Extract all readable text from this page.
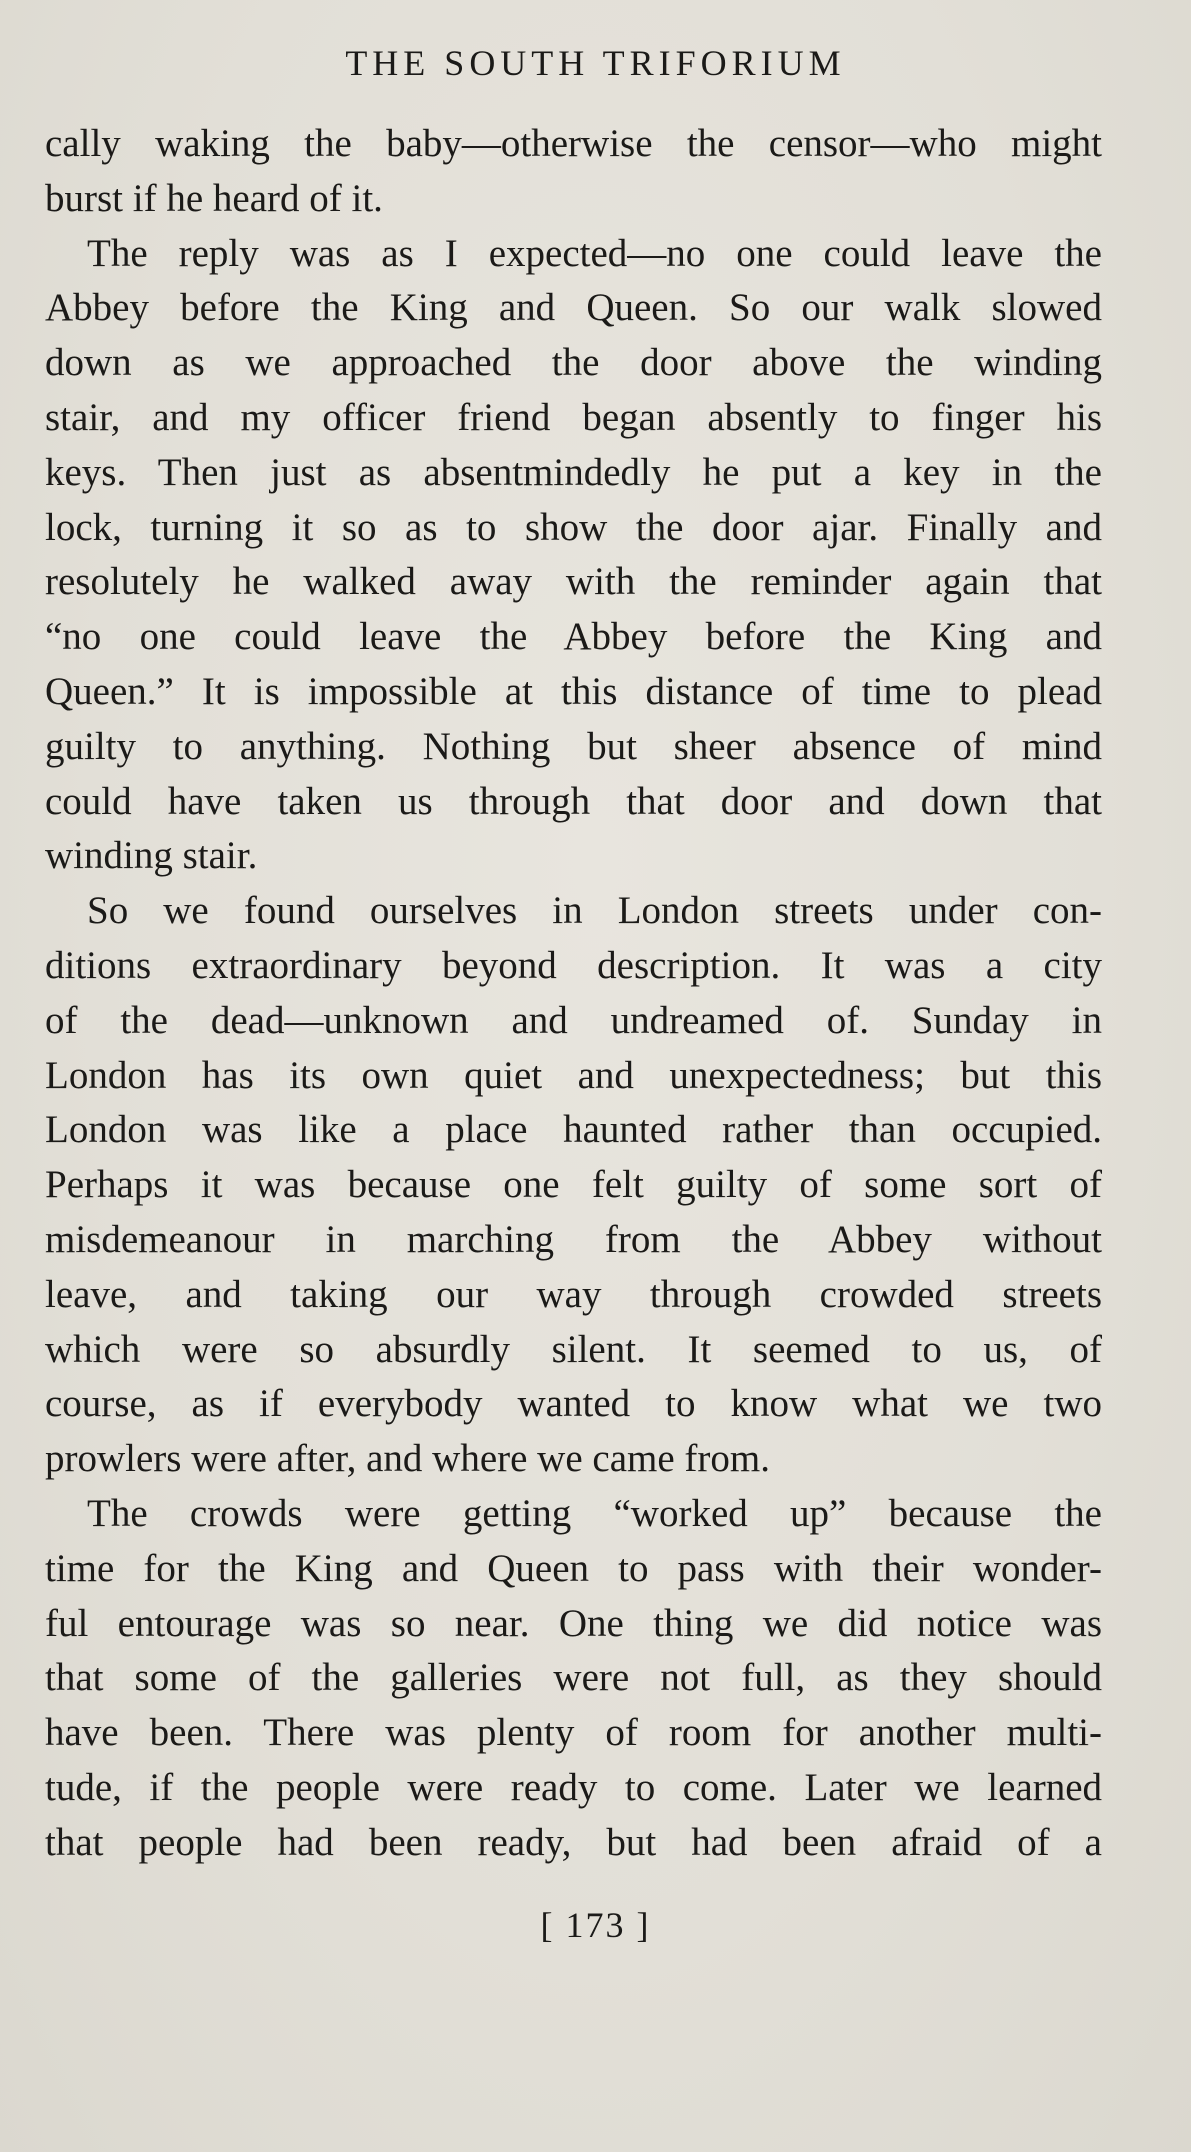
THE SOUTH TRIFORIUM
cally waking the baby—otherwise the censor—who might
burst if he heard of it.
The reply was as I expected—no one could leave the
Abbey before the King and Queen. So our walk slowed
down as we approached the door above the winding
stair, and my officer friend began absently to finger his
keys. Then just as absentmindedly he put a key in the
lock, turning it so as to show the door ajar. Finally and
resolutely he walked away with the reminder again that
“no one could leave the Abbey before the King and
Queen.” It is impossible at this distance of time to plead
guilty to anything. Nothing but sheer absence of mind
could have taken us through that door and down that
winding stair.
So we found ourselves in London streets under con-
ditions extraordinary beyond description. It was a city
of the dead—unknown and undreamed of. Sunday in
London has its own quiet and unexpectedness; but this
London was like a place haunted rather than occupied.
Perhaps it was because one felt guilty of some sort of
misdemeanour in marching from the Abbey without
leave, and taking our way through crowded streets
which were so absurdly silent. It seemed to us, of
course, as if everybody wanted to know what we two
prowlers were after, and where we came from.
The crowds were getting “worked up” because the
time for the King and Queen to pass with their wonder-
ful entourage was so near. One thing we did notice was
that some of the galleries were not full, as they should
have been. There was plenty of room for another multi-
tude, if the people were ready to come. Later we learned
that people had been ready, but had been afraid of a
[ 173 ]
